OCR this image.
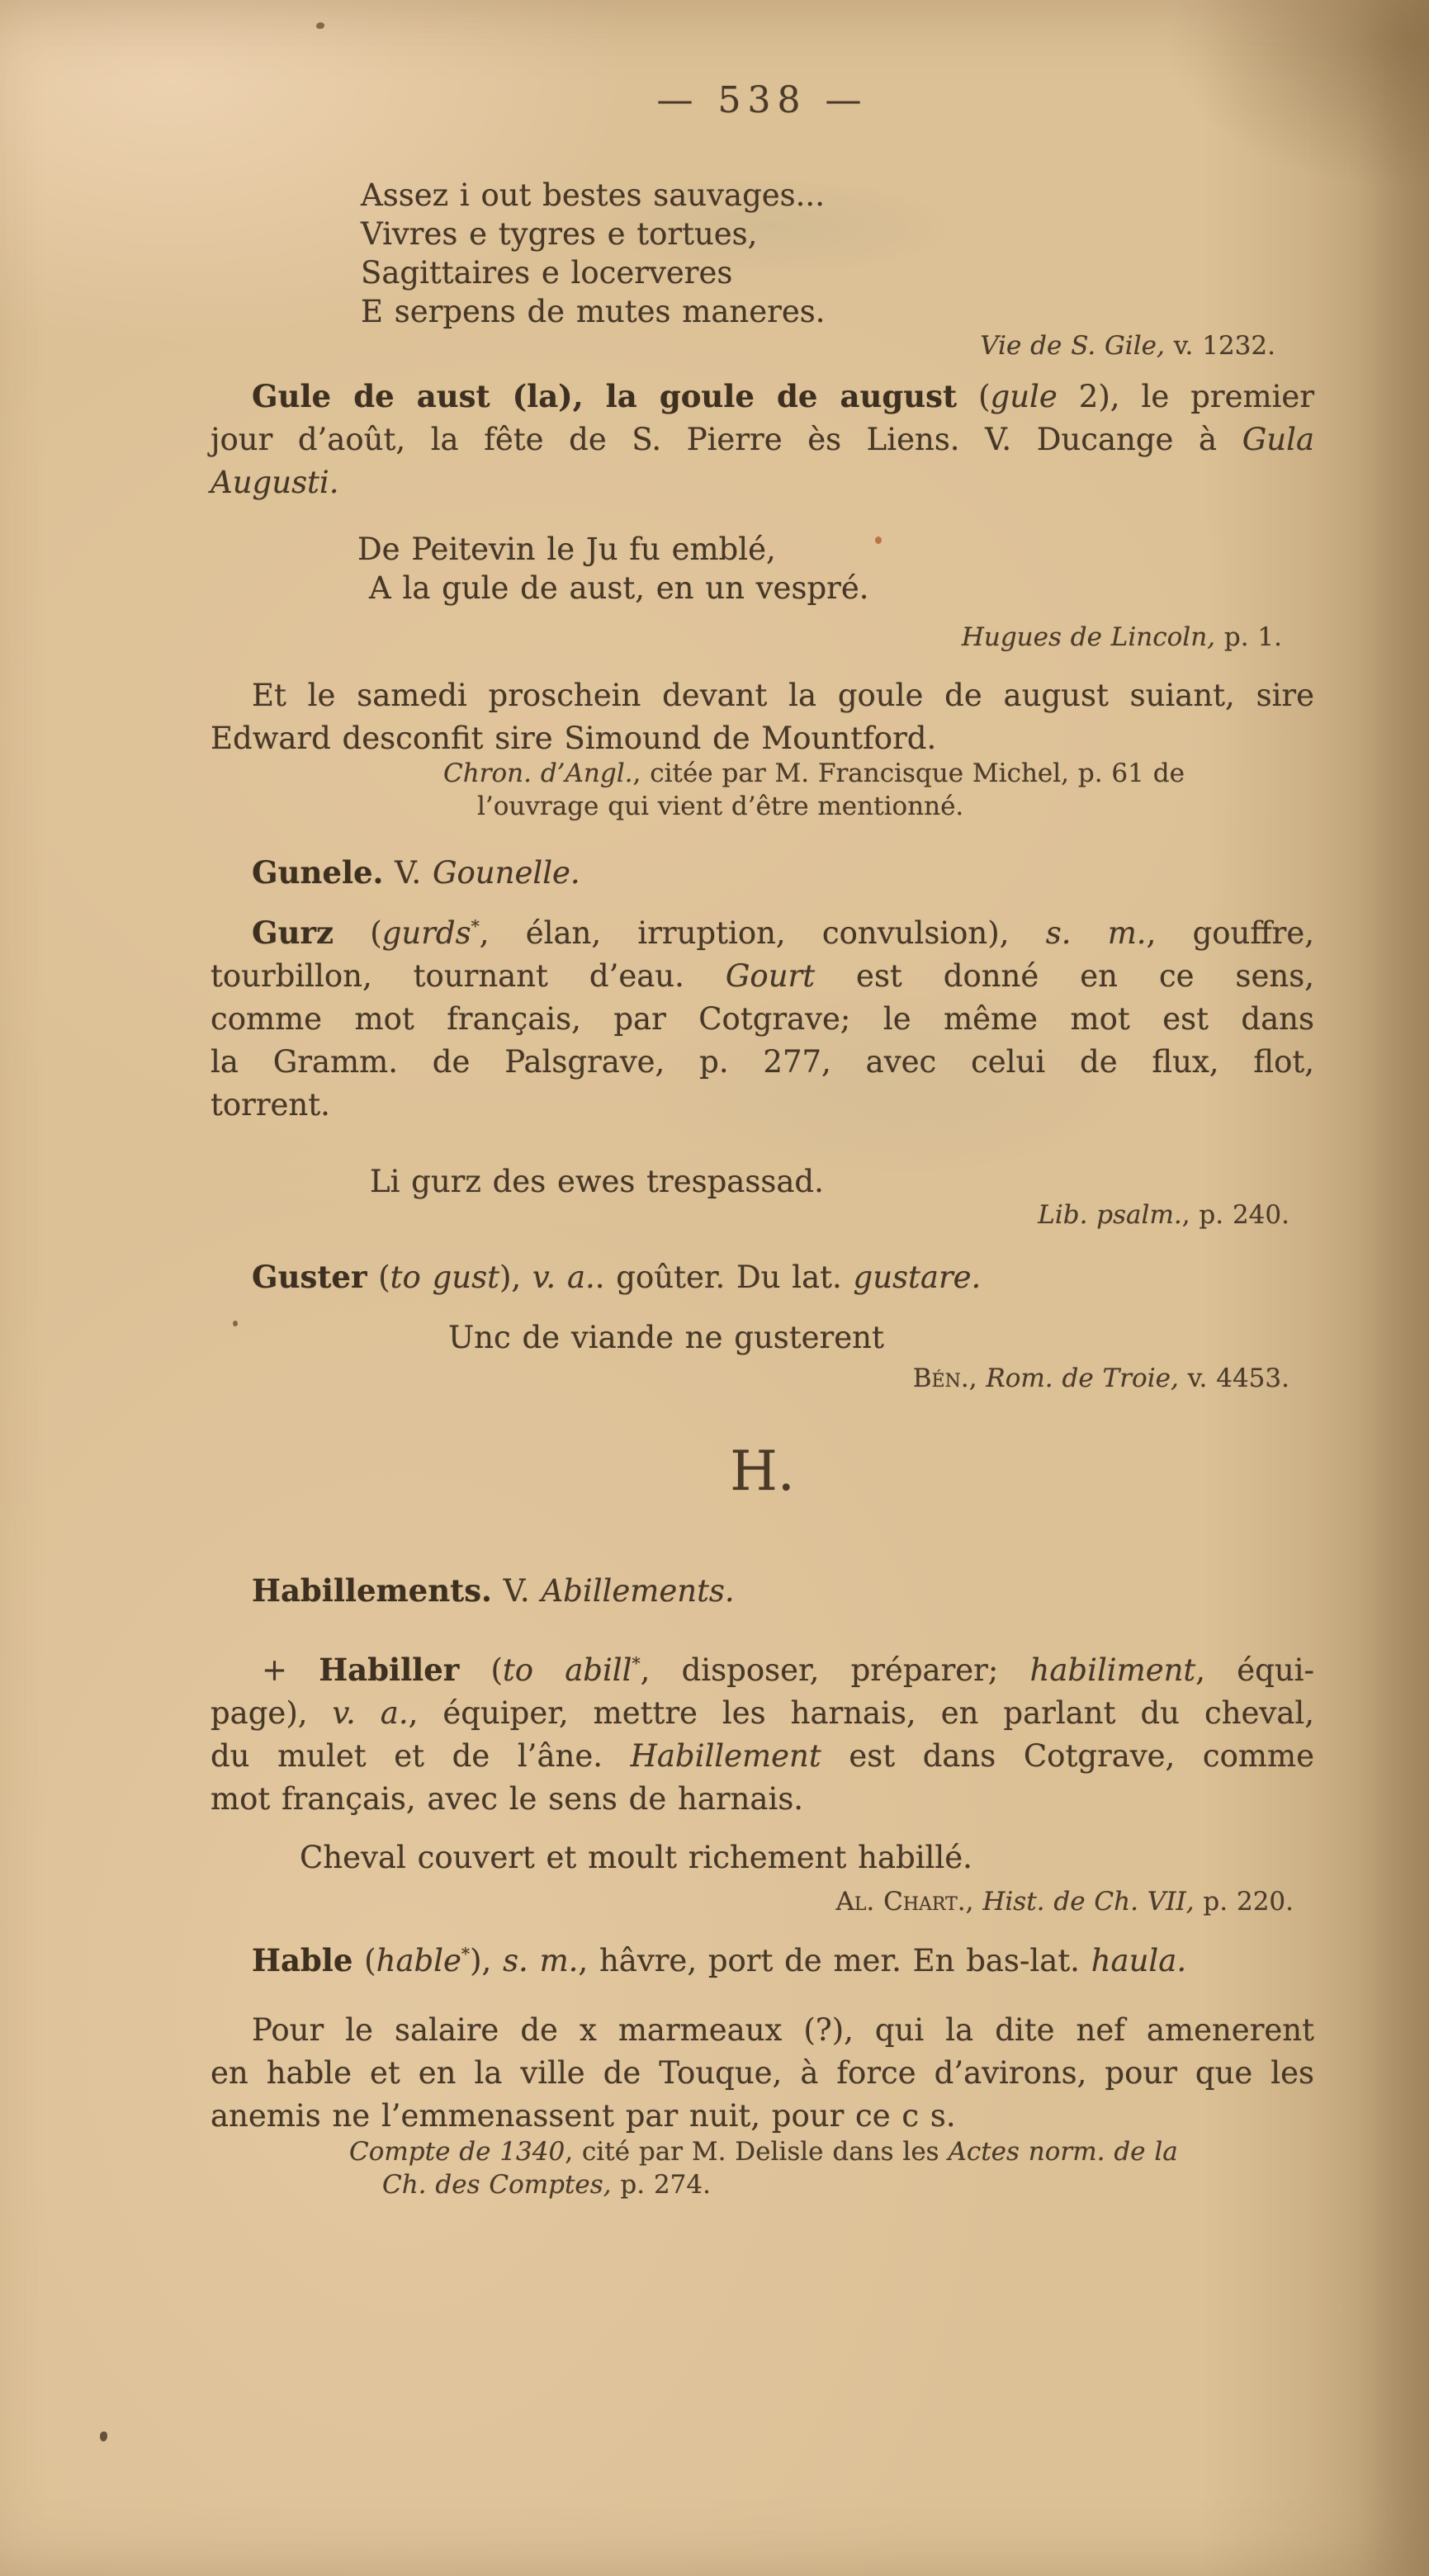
— 538 —
H.
Assez i out bestes sauvages...
Vivres e tygres e tortues,
Sagittaires e locerveres
E serpens de mutes maneres.
Vie de S. Gile, v. 1232.
Gule de aust (la), la goule de august (gule 2), le premier
jour d’août, la fête de S. Pierre ès Liens. V. Ducange à Gula
Augusti.
De Peitevin le Ju fu emblé,
A la gule de aust, en un vespré.
Hugues de Lincoln, p. 1.
Et le samedi proschein devant la goule de august suiant, sire
Edward desconfit sire Simound de Mountford.
Chron. d’Angl., citée par M. Francisque Michel, p. 61 de
l’ouvrage qui vient d’être mentionné.
Gunele. V. Gounelle.
Gurz (gurds*, élan, irruption, convulsion), s. m., gouffre,
tourbillon, tournant d’eau. Gourt est donné en ce sens,
comme mot français, par Cotgrave; le même mot est dans
la Gramm. de Palsgrave, p. 277, avec celui de flux, flot,
torrent.
Li gurz des ewes trespassad.
Lib. psalm., p. 240.
Guster (to gust), v. a.. goûter. Du lat. gustare.
Unc de viande ne gusterent
Bén., Rom. de Troie, v. 4453.
Habillements. V. Abillements.
+ Habiller (to abill*, disposer, préparer; habiliment, équi-
page), v. a., équiper, mettre les harnais, en parlant du cheval,
du mulet et de l’âne. Habillement est dans Cotgrave, comme
mot français, avec le sens de harnais.
Cheval couvert et moult richement habillé.
Al. Chart., Hist. de Ch. VII, p. 220.
Hable (hable*), s. m., hâvre, port de mer. En bas-lat. haula.
Pour le salaire de x marmeaux (?), qui la dite nef amenerent
en hable et en la ville de Touque, à force d’avirons, pour que les
anemis ne l’emmenassent par nuit, pour ce c s.
Compte de 1340, cité par M. Delisle dans les Actes norm. de la
Ch. des Comptes, p. 274.
